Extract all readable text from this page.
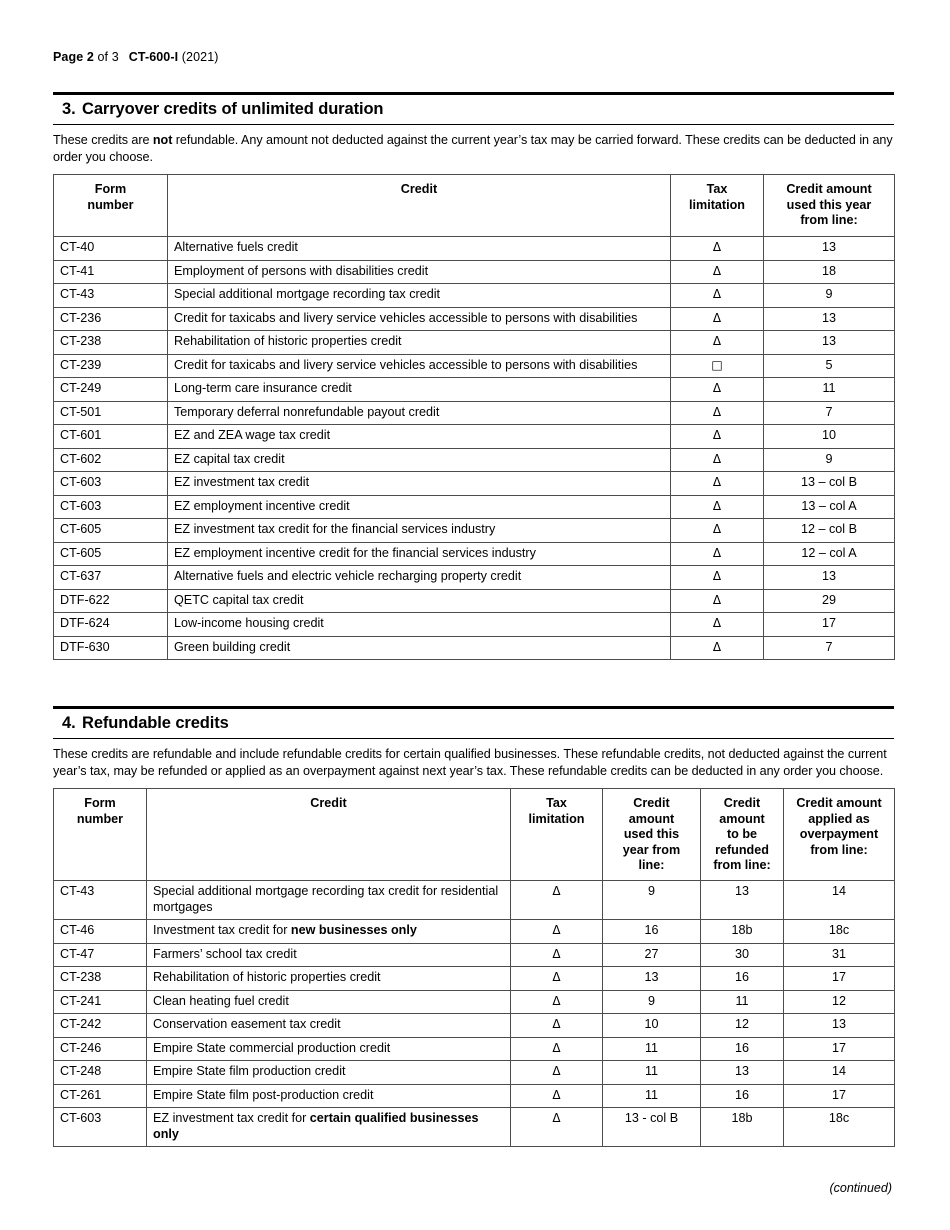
Page 2 of 3 CT-600-I (2021)
3. Carryover credits of unlimited duration
These credits are not refundable. Any amount not deducted against the current year’s tax may be carried forward. These credits can be deducted in any order you choose.
Form
number	Credit	Tax
limitation	Credit amount
used this year
from line:
CT-40	Alternative fuels credit	Δ	13
CT-41	Employment of persons with disabilities credit	Δ	18
CT-43	Special additional mortgage recording tax credit	Δ	9
CT-236	Credit for taxicabs and livery service vehicles accessible to persons with disabilities	Δ	13
CT-238	Rehabilitation of historic properties credit	Δ	13
CT-239	Credit for taxicabs and livery service vehicles accessible to persons with disabilities	□	5
CT-249	Long-term care insurance credit	Δ	11
CT-501	Temporary deferral nonrefundable payout credit	Δ	7
CT-601	EZ and ZEA wage tax credit	Δ	10
CT-602	EZ capital tax credit	Δ	9
CT-603	EZ investment tax credit	Δ	13 – col B
CT-603	EZ employment incentive credit	Δ	13 – col A
CT-605	EZ investment tax credit for the financial services industry	Δ	12 – col B
CT-605	EZ employment incentive credit for the financial services industry	Δ	12 – col A
CT-637	Alternative fuels and electric vehicle recharging property credit	Δ	13
DTF-622	QETC capital tax credit	Δ	29
DTF-624	Low-income housing credit	Δ	17
DTF-630	Green building credit	Δ	7
4. Refundable credits
These credits are refundable and include refundable credits for certain qualified businesses. These refundable credits, not deducted against the current year’s tax, may be refunded or applied as an overpayment against next year’s tax. These refundable credits can be deducted in any order you choose.
Form
number	Credit	Tax
limitation	Credit
amount
used this
year from
line:	Credit
amount
to be
refunded
from line:	Credit amount
applied as
overpayment
from line:
CT-43	Special additional mortgage recording tax credit for residential mortgages	Δ	9	13	14
CT-46	Investment tax credit for new businesses only	Δ	16	18b	18c
CT-47	Farmers’ school tax credit	Δ	27	30	31
CT-238	Rehabilitation of historic properties credit	Δ	13	16	17
CT-241	Clean heating fuel credit	Δ	9	11	12
CT-242	Conservation easement tax credit	Δ	10	12	13
CT-246	Empire State commercial production credit	Δ	11	16	17
CT-248	Empire State film production credit	Δ	11	13	14
CT-261	Empire State film post-production credit	Δ	11	16	17
CT-603	EZ investment tax credit for certain qualified businesses only	Δ	13 - col B	18b	18c
(continued)
